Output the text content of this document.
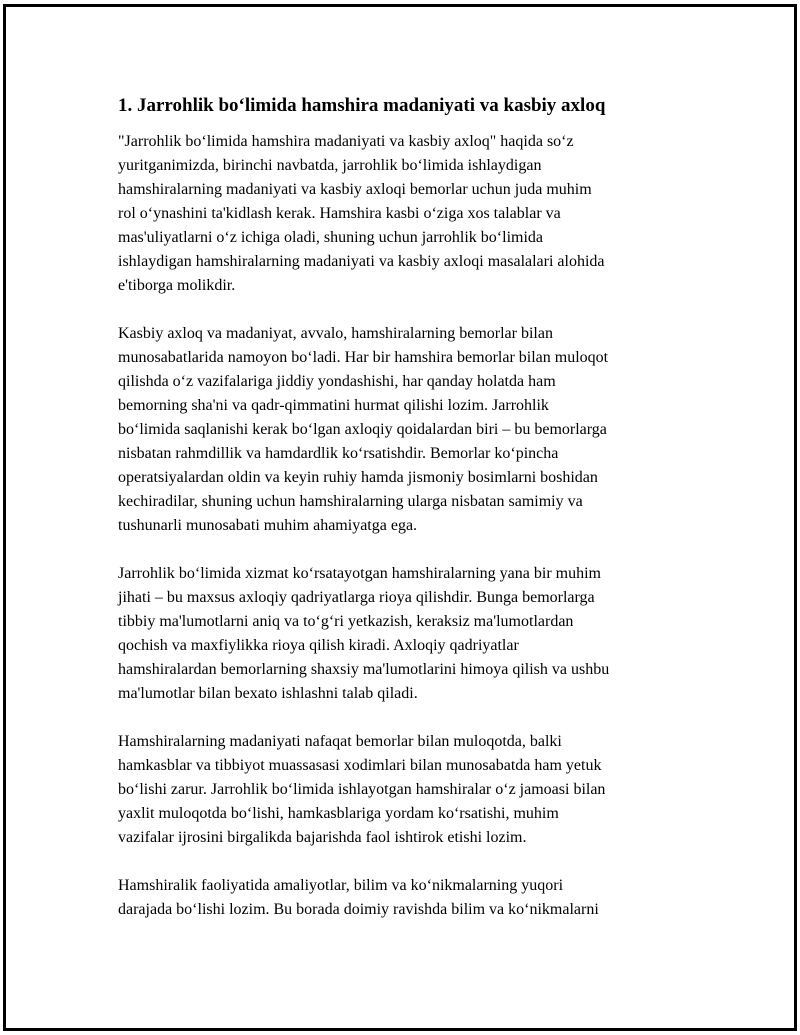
1. Jarrohlik bo‘limida hamshira madaniyati va kasbiy axloq
"Jarrohlik bo‘limida hamshira madaniyati va kasbiy axloq" haqida so‘z
yuritganimizda, birinchi navbatda, jarrohlik bo‘limida ishlaydigan
hamshiralarning madaniyati va kasbiy axloqi bemorlar uchun juda muhim
rol o‘ynashini ta'kidlash kerak. Hamshira kasbi o‘ziga xos talablar va
mas'uliyatlarni o‘z ichiga oladi, shuning uchun jarrohlik bo‘limida
ishlaydigan hamshiralarning madaniyati va kasbiy axloqi masalalari alohida
e'tiborga molikdir.
Kasbiy axloq va madaniyat, avvalo, hamshiralarning bemorlar bilan
munosabatlarida namoyon bo‘ladi. Har bir hamshira bemorlar bilan muloqot
qilishda o‘z vazifalariga jiddiy yondashishi, har qanday holatda ham
bemorning sha'ni va qadr-qimmatini hurmat qilishi lozim. Jarrohlik
bo‘limida saqlanishi kerak bo‘lgan axloqiy qoidalardan biri – bu bemorlarga
nisbatan rahmdillik va hamdardlik ko‘rsatishdir. Bemorlar ko‘pincha
operatsiyalardan oldin va keyin ruhiy hamda jismoniy bosimlarni boshidan
kechiradilar, shuning uchun hamshiralarning ularga nisbatan samimiy va
tushunarli munosabati muhim ahamiyatga ega.
Jarrohlik bo‘limida xizmat ko‘rsatayotgan hamshiralarning yana bir muhim
jihati – bu maxsus axloqiy qadriyatlarga rioya qilishdir. Bunga bemorlarga
tibbiy ma'lumotlarni aniq va to‘g‘ri yetkazish, keraksiz ma'lumotlardan
qochish va maxfiylikka rioya qilish kiradi. Axloqiy qadriyatlar
hamshiralardan bemorlarning shaxsiy ma'lumotlarini himoya qilish va ushbu
ma'lumotlar bilan bexato ishlashni talab qiladi.
Hamshiralarning madaniyati nafaqat bemorlar bilan muloqotda, balki
hamkasblar va tibbiyot muassasasi xodimlari bilan munosabatda ham yetuk
bo‘lishi zarur. Jarrohlik bo‘limida ishlayotgan hamshiralar o‘z jamoasi bilan
yaxlit muloqotda bo‘lishi, hamkasblariga yordam ko‘rsatishi, muhim
vazifalar ijrosini birgalikda bajarishda faol ishtirok etishi lozim.
Hamshiralik faoliyatida amaliyotlar, bilim va ko‘nikmalarning yuqori
darajada bo‘lishi lozim. Bu borada doimiy ravishda bilim va ko‘nikmalarni
